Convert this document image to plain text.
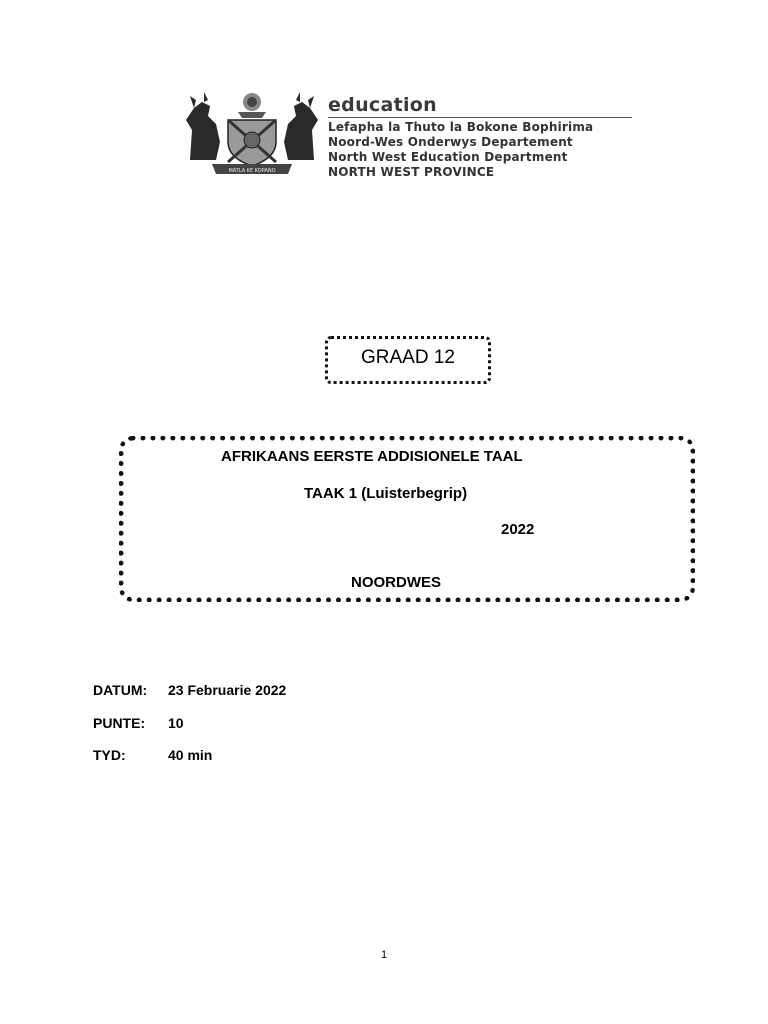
MATLA KE KOPANO
education
Lefapha la Thuto la Bokone Bophirima
Noord-Wes Onderwys Departement
North West Education Department
NORTH WEST PROVINCE
GRAAD 12
AFRIKAANS EERSTE ADDISIONELE TAAL
TAAK 1 (Luisterbegrip)
2022
NOORDWES
DATUM: 23 Februarie 2022
PUNTE: 10
TYD:	40 min
1
